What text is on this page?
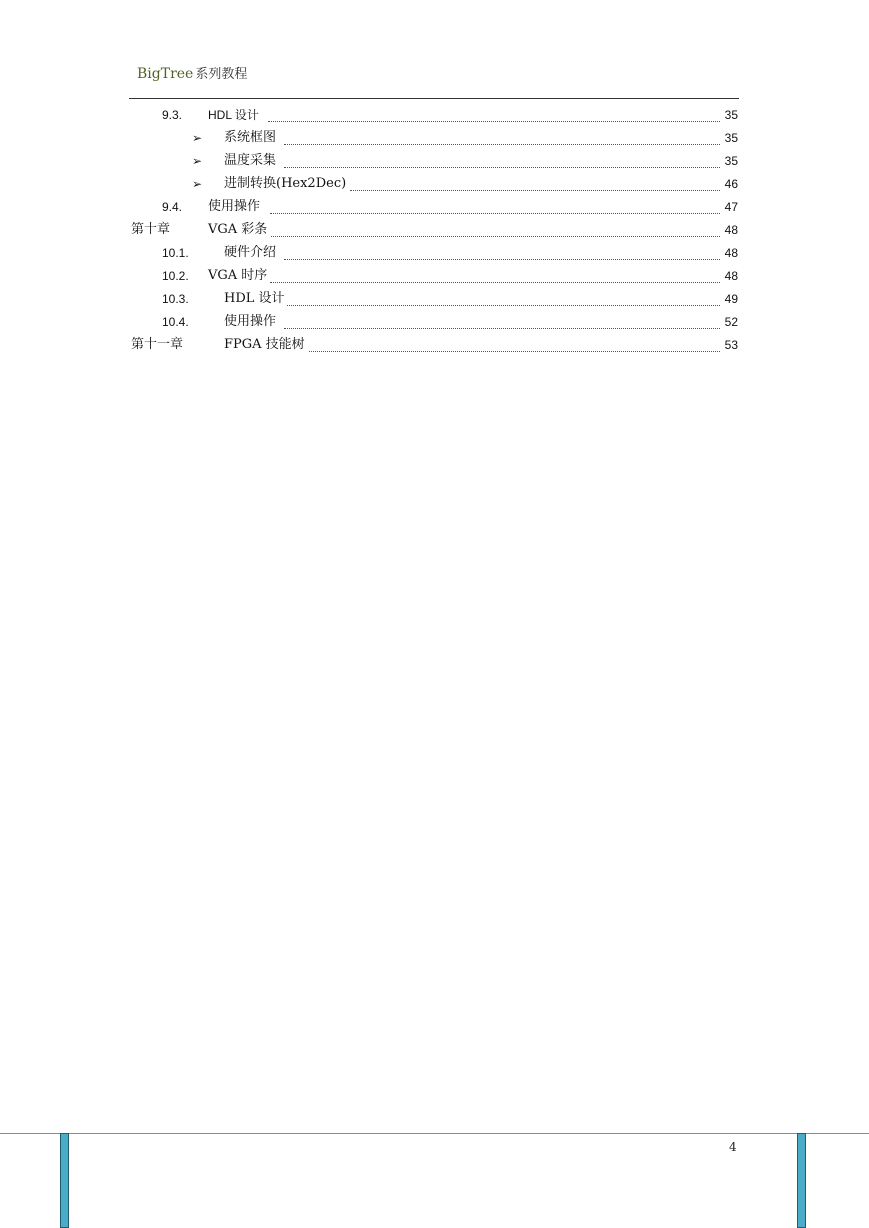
BigTree 系列教程
9.3. HDL 设计	35
➢ 系统框图	35
➢ 温度采集	35
➢ 进制转换(Hex2Dec)	46
9.4. 使用操作	47
第十章	VGA 彩条	48
10.1.	硬件介绍	48
10.2. VGA 时序	48
10.3.	HDL 设计	49
10.4.	使用操作	52
第十一章	FPGA 技能树	53
4
